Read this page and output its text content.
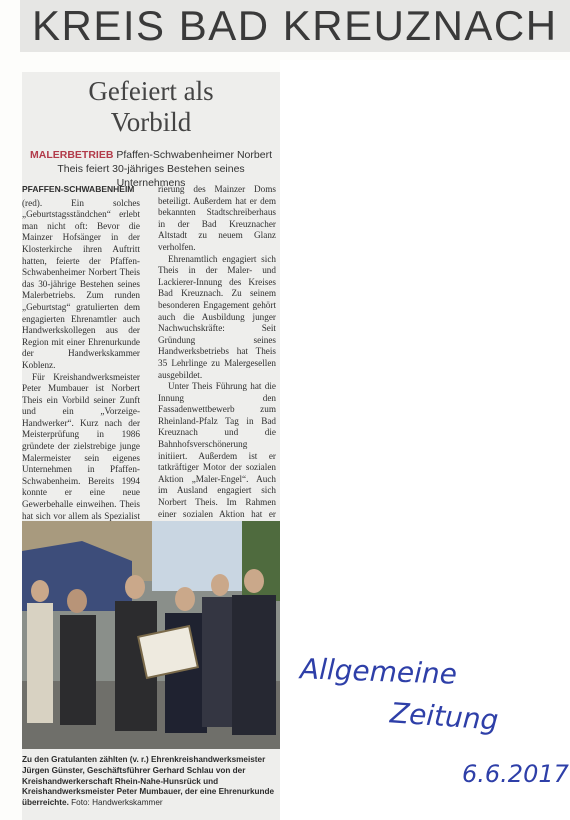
KREIS BAD KREUZNACH
Gefeiert als
Vorbild
MALERBETRIEB Pfaffen-Schwabenheimer Norbert
Theis feiert 30-jähriges Bestehen seines Unternehmens
PFAFFEN-SCHWABENHEIM

(red). Ein solches „Geburtstagsständchen“ erlebt man nicht oft: Bevor die Mainzer Hofsänger in der Klosterkirche ihren Auftritt hatten, feierte der Pfaffen-Schwabenheimer Norbert Theis das 30-jährige Bestehen seines Malerbetriebs. Zum runden „Geburtstag“ gratulierten dem engagierten Ehrenamtler auch Handwerkskollegen aus der Region mit einer Ehrenurkunde der Handwerkskammer Koblenz.

Für Kreishandwerksmeister Peter Mumbauer ist Norbert Theis ein Vorbild seiner Zunft und ein „Vorzeige-Handwerker“. Kurz nach der Meisterprüfung in 1986 gründete der zielstrebige junge Malermeister sein eigenes Unternehmen in Pfaffen-Schwabenheim. Bereits 1994 konnte er eine neue Gewerbehalle einweihen. Theis hat sich vor allem als Spezialist

rierung des Mainzer Doms beteiligt. Außerdem hat er dem bekannten Stadtschreiberhaus in der Bad Kreuznacher Altstadt zu neuem Glanz verholfen.

Ehrenamtlich engagiert sich Theis in der Maler- und Lackierer-Innung des Kreises Bad Kreuznach. Zu seinem besonderen Engagement gehört auch die Ausbildung junger Nachwuchskräfte: Seit Gründung seines Handwerksbetriebs hat Theis 35 Lehrlinge zu Malergesellen ausgebildet.

Unter Theis Führung hat die Innung den Fassadenwettbewerb zum Rheinland-Pfalz Tag in Bad Kreuznach und die Bahnhofsverschönerung initiiert. Außerdem ist er tatkräftiger Motor der sozialen Aktion „Maler-Engel“. Auch im Ausland engagiert sich Norbert Theis. Im Rahmen einer sozialen Aktion hat er

Zu den Gratulanten zählten (v. r.) Ehrenkreishandwerksmeister Jürgen Günster, Geschäftsführer Gerhard Schlau von der Kreishandwerkerschaft Rhein-Nahe-Hunsrück und Kreishandwerksmeister Peter Mumbauer, der eine Ehrenurkunde überreichte. Foto: Handwerkskammer
Allgemeine
Zeitung
6.6.2017
